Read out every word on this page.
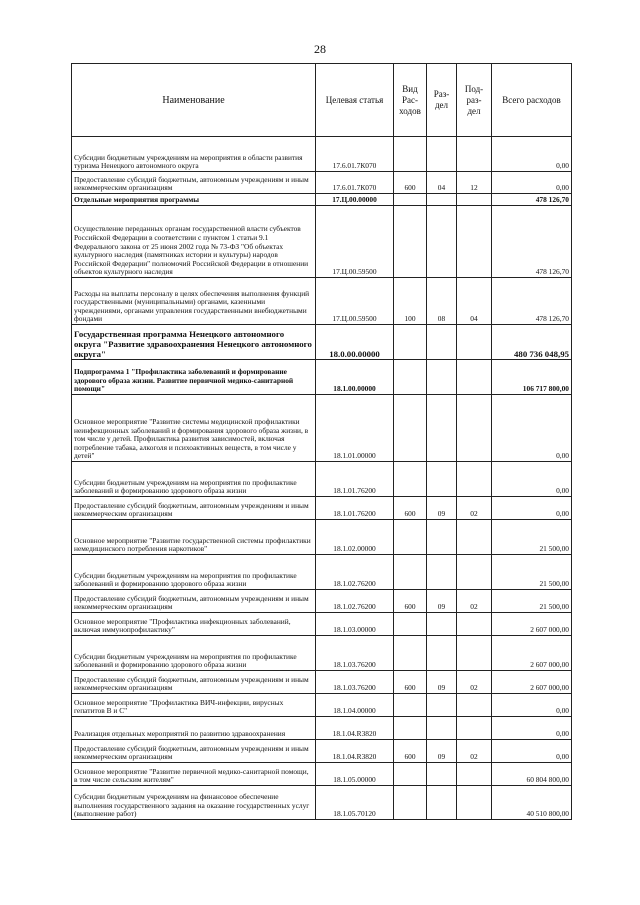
28
Наименование	Целевая статья	Вид Рас- ходов	Раз- дел	Под- раз- дел	Всего расходов
Субсидии бюджетным учреждениям на мероприятия в области развития туризма Ненецкого автономного округа	17.6.01.7К070				0,00
Предоставление субсидий бюджетным, автономным учреждениям и иным некоммерческим организациям	17.6.01.7К070	600	04	12	0,00
Отдельные мероприятия программы	17.Ц.00.00000				478 126,70
Осуществление переданных органам государственной власти субъектов Российской Федерации в соответствии с пунктом 1 статьи 9.1 Федерального закона от 25 июня 2002 года № 73-ФЗ "Об объектах культурного наследия (памятниках истории и культуры) народов Российской Федерации" полномочий Российской Федерации в отношении объектов культурного наследия	17.Ц.00.59500				478 126,70
Расходы на выплаты персоналу в целях обеспечения выполнения функций государственными (муниципальными) органами, казенными учреждениями, органами управления государственными внебюджетными фондами	17.Ц.00.59500	100	08	04	478 126,70
Государственная программа Ненецкого автономного округа "Развитие здравоохранения Ненецкого автономного округа"	18.0.00.00000				480 736 048,95
Подпрограмма 1 "Профилактика заболеваний и формирование здорового образа жизни. Развитие первичной медико-санитарной помощи"	18.1.00.00000				106 717 800,00
Основное мероприятие "Развитие системы медицинской профилактики неинфекционных заболеваний и формирования здорового образа жизни, в том числе у детей. Профилактика развития зависимостей, включая потребление табака, алкоголя и психоактивных веществ, в том числе у детей"	18.1.01.00000				0,00
Субсидии бюджетным учреждениям на мероприятия по профилактике заболеваний и формированию здорового образа жизни	18.1.01.76200				0,00
Предоставление субсидий бюджетным, автономным учреждениям и иным некоммерческим организациям	18.1.01.76200	600	09	02	0,00
Основное мероприятие "Развитие государственной системы профилактики немедицинского потребления наркотиков"	18.1.02.00000				21 500,00
Субсидии бюджетным учреждениям на мероприятия по профилактике заболеваний и формированию здорового образа жизни	18.1.02.76200				21 500,00
Предоставление субсидий бюджетным, автономным учреждениям и иным некоммерческим организациям	18.1.02.76200	600	09	02	21 500,00
Основное мероприятие "Профилактика инфекционных заболеваний, включая иммунопрофилактику"	18.1.03.00000				2 607 000,00
Субсидии бюджетным учреждениям на мероприятия по профилактике заболеваний и формированию здорового образа жизни	18.1.03.76200				2 607 000,00
Предоставление субсидий бюджетным, автономным учреждениям и иным некоммерческим организациям	18.1.03.76200	600	09	02	2 607 000,00
Основное мероприятие "Профилактика ВИЧ-инфекции, вирусных гепатитов В и С"	18.1.04.00000				0,00
Реализация отдельных мероприятий по развитию здравоохранения	18.1.04.R3820				0,00
Предоставление субсидий бюджетным, автономным учреждениям и иным некоммерческим организациям	18.1.04.R3820	600	09	02	0,00
Основное мероприятие "Развитие первичной медико-санитарной помощи, в том числе сельским жителям"	18.1.05.00000				60 804 800,00
Субсидии бюджетным учреждениям на финансовое обеспечение выполнения государственного задания на оказание государственных услуг (выполнение работ)	18.1.05.70120				40 510 800,00
